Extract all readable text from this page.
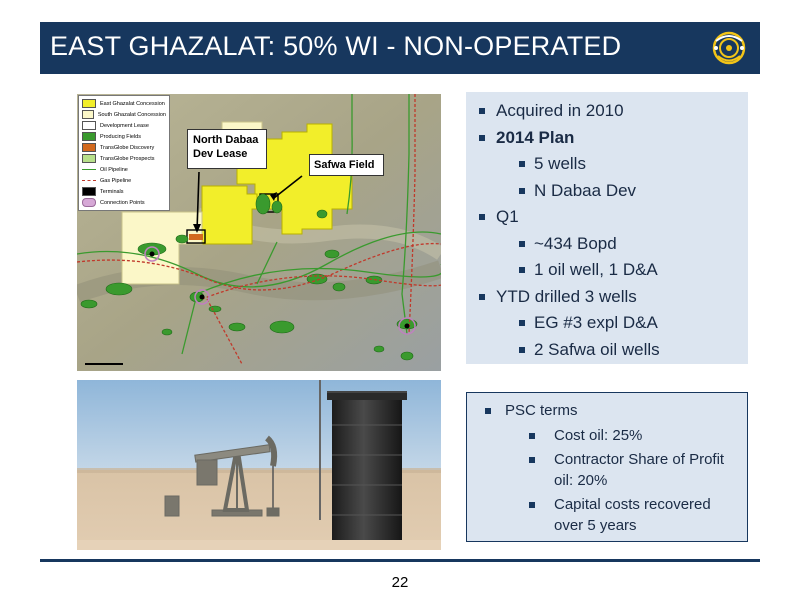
EAST GHAZALAT: 50% WI - NON-OPERATED
East Ghazalat Concession
South Ghazalat Concession
Development Lease
Producing Fields
TransGlobe Discovery
TransGlobe Prospects
Oil Pipeline
Gas Pipeline
Terminals
Connection Points
North Dabaa
Dev Lease
Safwa Field
Acquired in 2010
2014 Plan
5 wells
N Dabaa Dev
Q1
~434 Bopd
1 oil well, 1 D&A
YTD drilled 3 wells
EG #3 expl D&A
2 Safwa oil wells
PSC terms
Cost oil: 25%
Contractor Share of Profit oil: 20%
Capital costs recovered over 5 years
22
